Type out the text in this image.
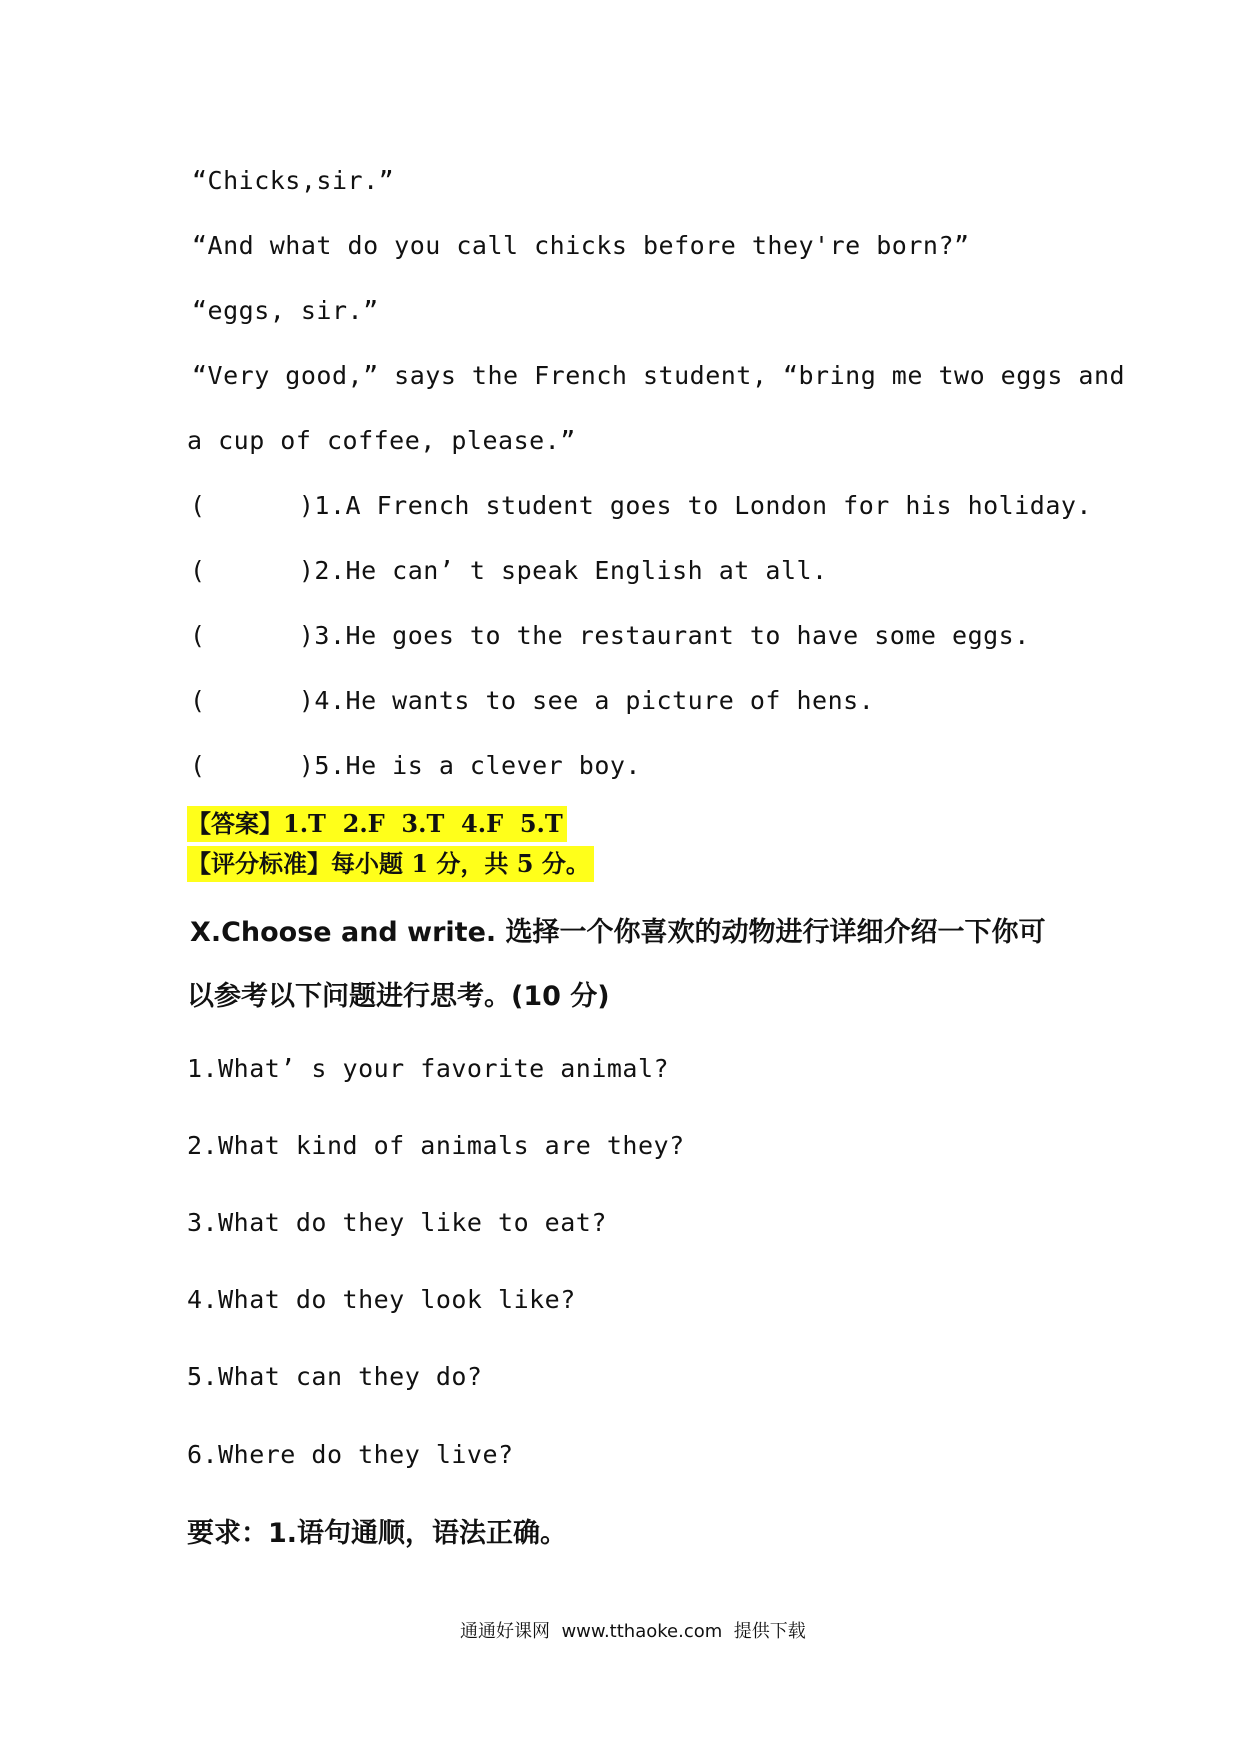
“Chicks,sir.”
“And what do you call chicks before they're born?”
“eggs, sir.”
“Very good,” says the French student, “bring me two eggs and
a cup of coffee, please.”
(      )1.A French student goes to London for his holiday.
(      )2.He can’ t speak English at all.
(      )3.He goes to the restaurant to have some eggs.
(      )4.He wants to see a picture of hens.
(      )5.He is a clever boy.
【答案】1.T  2.F  3.T  4.F  5.T
【评分标准】每小题 1 分，共 5 分。
Ⅹ.Choose and write. 选择一个你喜欢的动物进行详细介绍一下你可
以参考以下问题进行思考。(10 分)
1.What’ s your favorite animal?
2.What kind of animals are they?
3.What do they like to eat?
4.What do they look like?
5.What can they do?
6.Where do they live?
要求：1.语句通顺，语法正确。
通通好课网  www.tthaoke.com  提供下载
